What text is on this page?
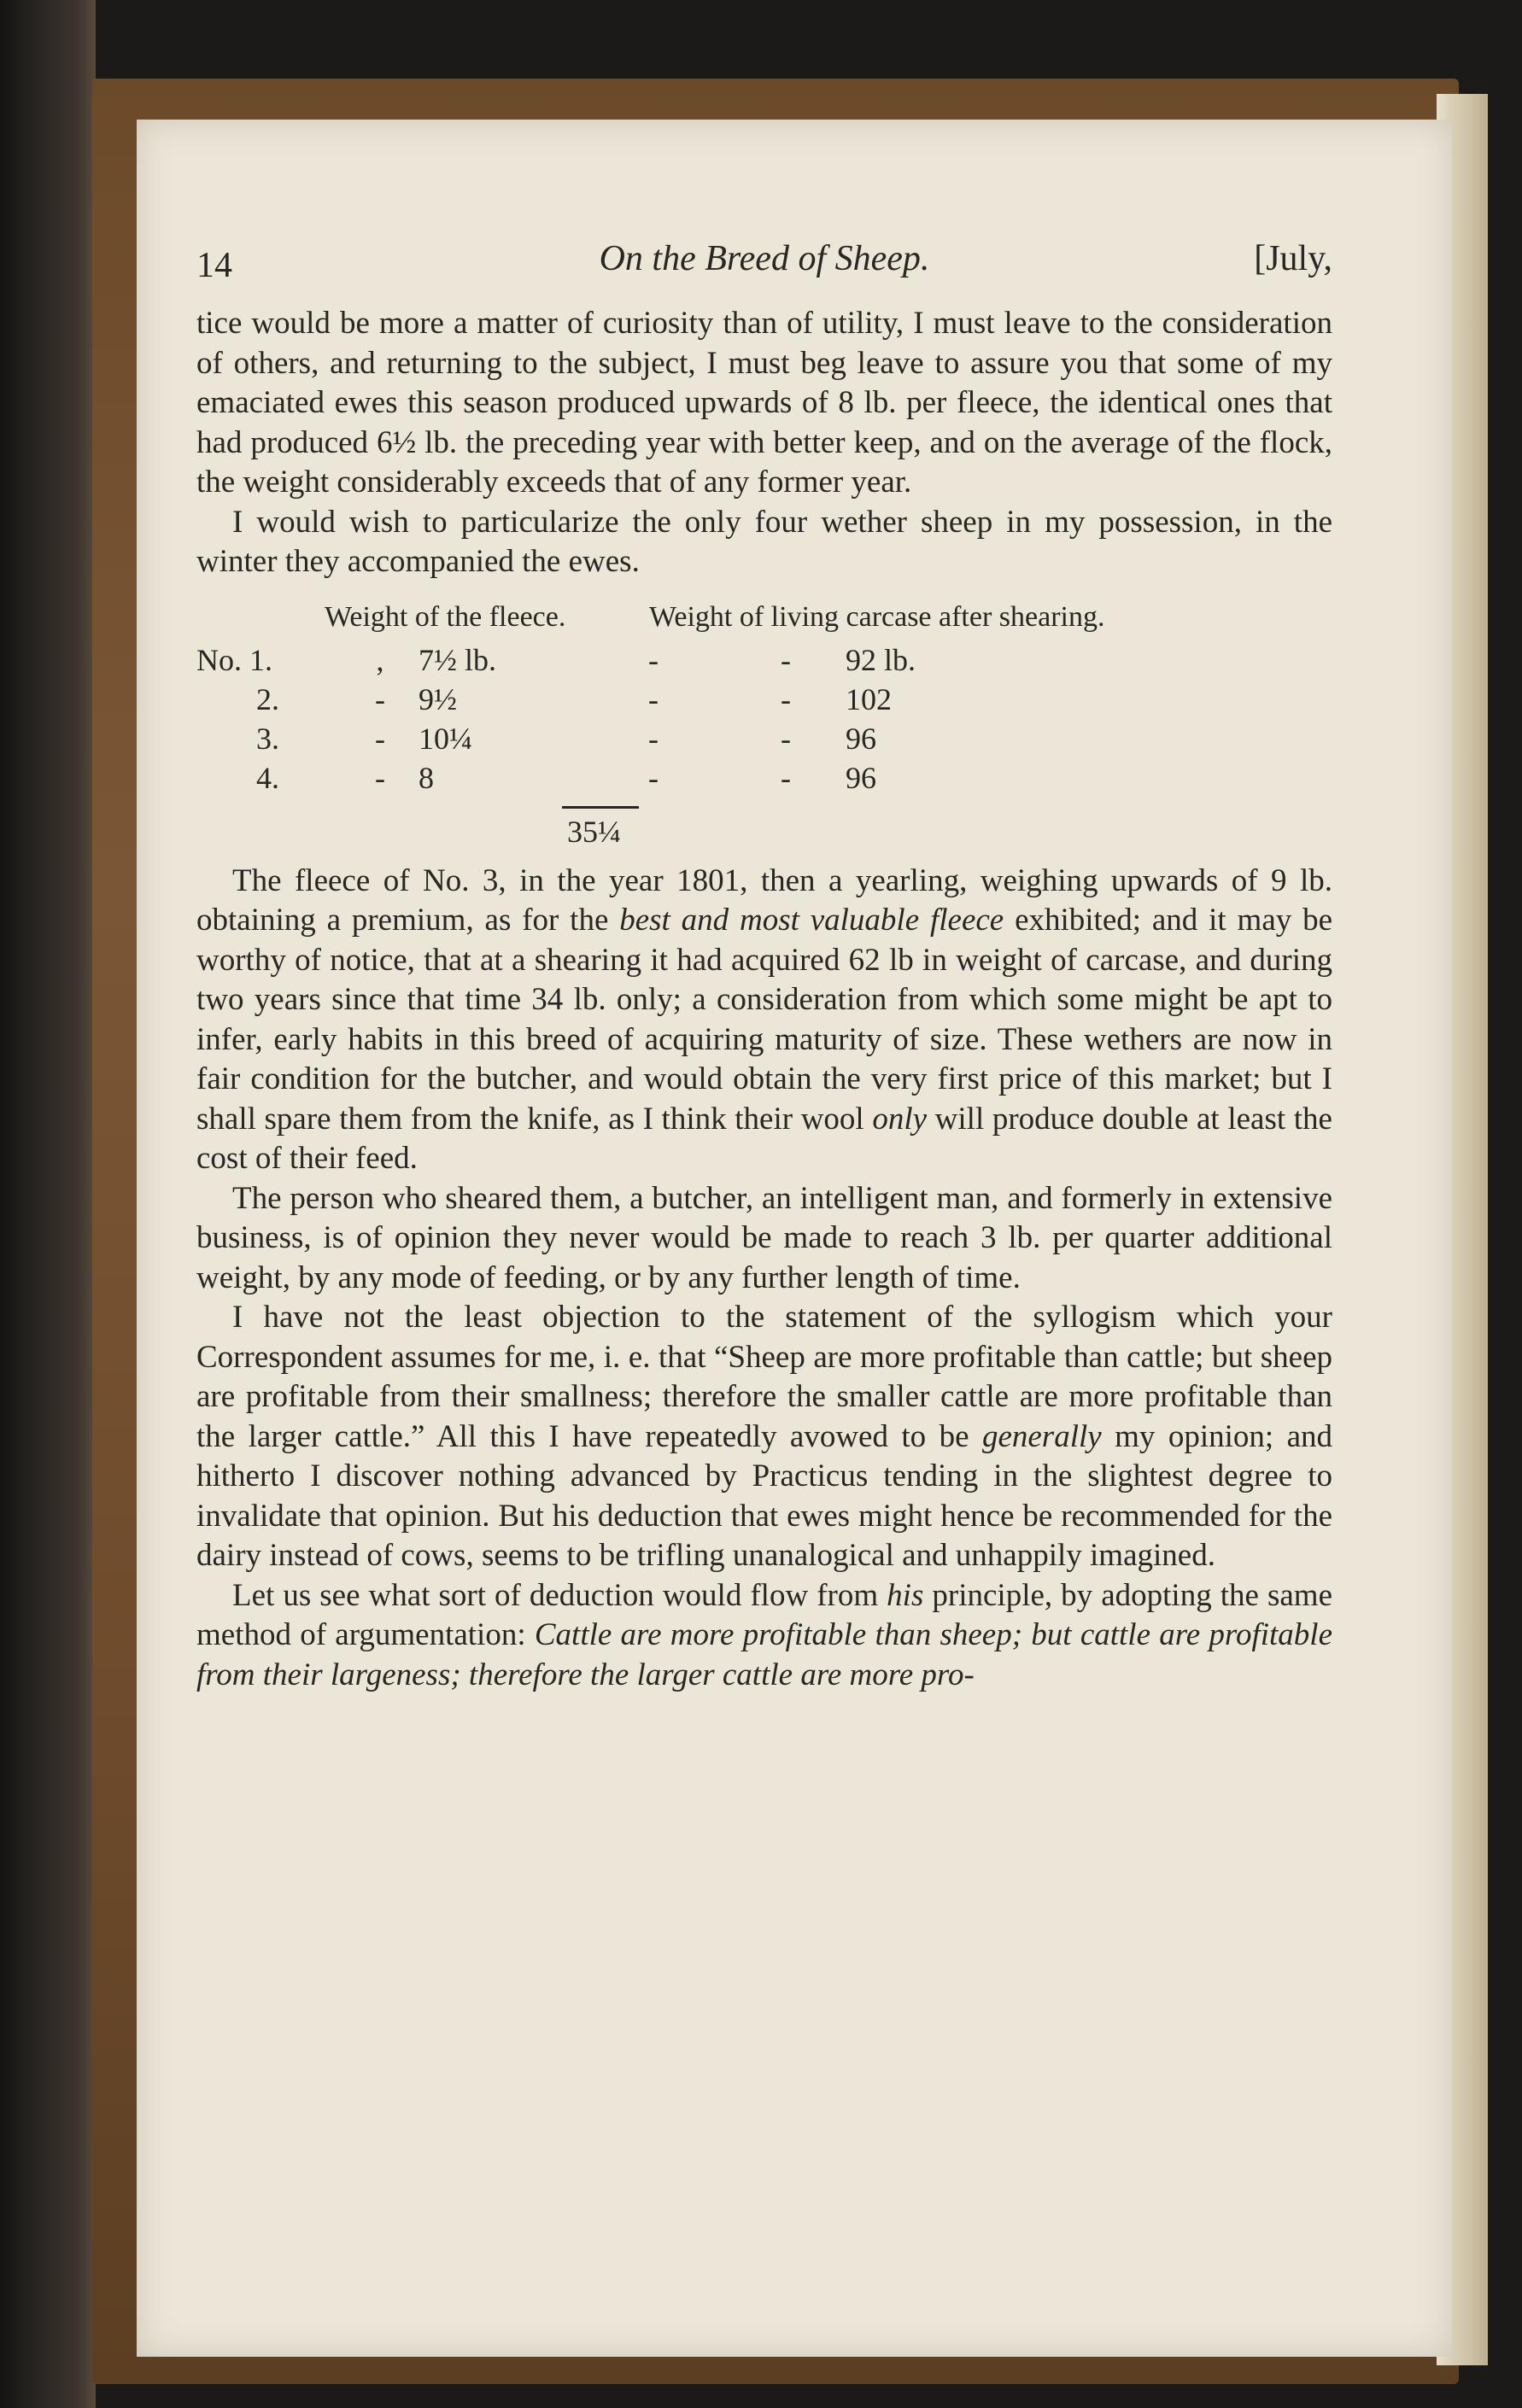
14	On the Breed of Sheep.	[July,

tice would be more a matter of curiosity than of utility, I must leave to the consideration of others, and returning to the subject, I must beg leave to assure you that some of my emaciated ewes this season produced upwards of 8 lb. per fleece, the identical ones that had produced 6½ lb. the preceding year with better keep, and on the average of the flock, the weight considerably exceeds that of any former year.

I would wish to particularize the only four wether sheep in my possession, in the winter they accompanied the ewes.

Weight of the fleece.	Weight of living carcase after shearing.
No. 1.	,	7½ lb.	-	-	92 lb.
2.	-	9½	-	-	102
3.	-	10¼	-	-	96
4.	-	8	-	-	96
35¼

The fleece of No. 3, in the year 1801, then a yearling, weighing upwards of 9 lb. obtaining a premium, as for the best and most valuable fleece exhibited; and it may be worthy of notice, that at a shearing it had acquired 62 lb in weight of carcase, and during two years since that time 34 lb. only; a consideration from which some might be apt to infer, early habits in this breed of acquiring maturity of size. These wethers are now in fair condition for the butcher, and would obtain the very first price of this market; but I shall spare them from the knife, as I think their wool only will produce double at least the cost of their feed.

The person who sheared them, a butcher, an intelligent man, and formerly in extensive business, is of opinion they never would be made to reach 3 lb. per quarter additional weight, by any mode of feeding, or by any further length of time.

I have not the least objection to the statement of the syllogism which your Correspondent assumes for me, i. e. that “Sheep are more profitable than cattle; but sheep are profitable from their smallness; therefore the smaller cattle are more profitable than the larger cattle.” All this I have repeatedly avowed to be generally my opinion; and hitherto I discover nothing advanced by Practicus tending in the slightest degree to invalidate that opinion. But his deduction that ewes might hence be recommended for the dairy instead of cows, seems to be trifling unanalogical and unhappily imagined.

Let us see what sort of deduction would flow from his principle, by adopting the same method of argumentation: Cattle are more profitable than sheep; but cattle are profitable from their largeness; therefore the larger cattle are more pro-
